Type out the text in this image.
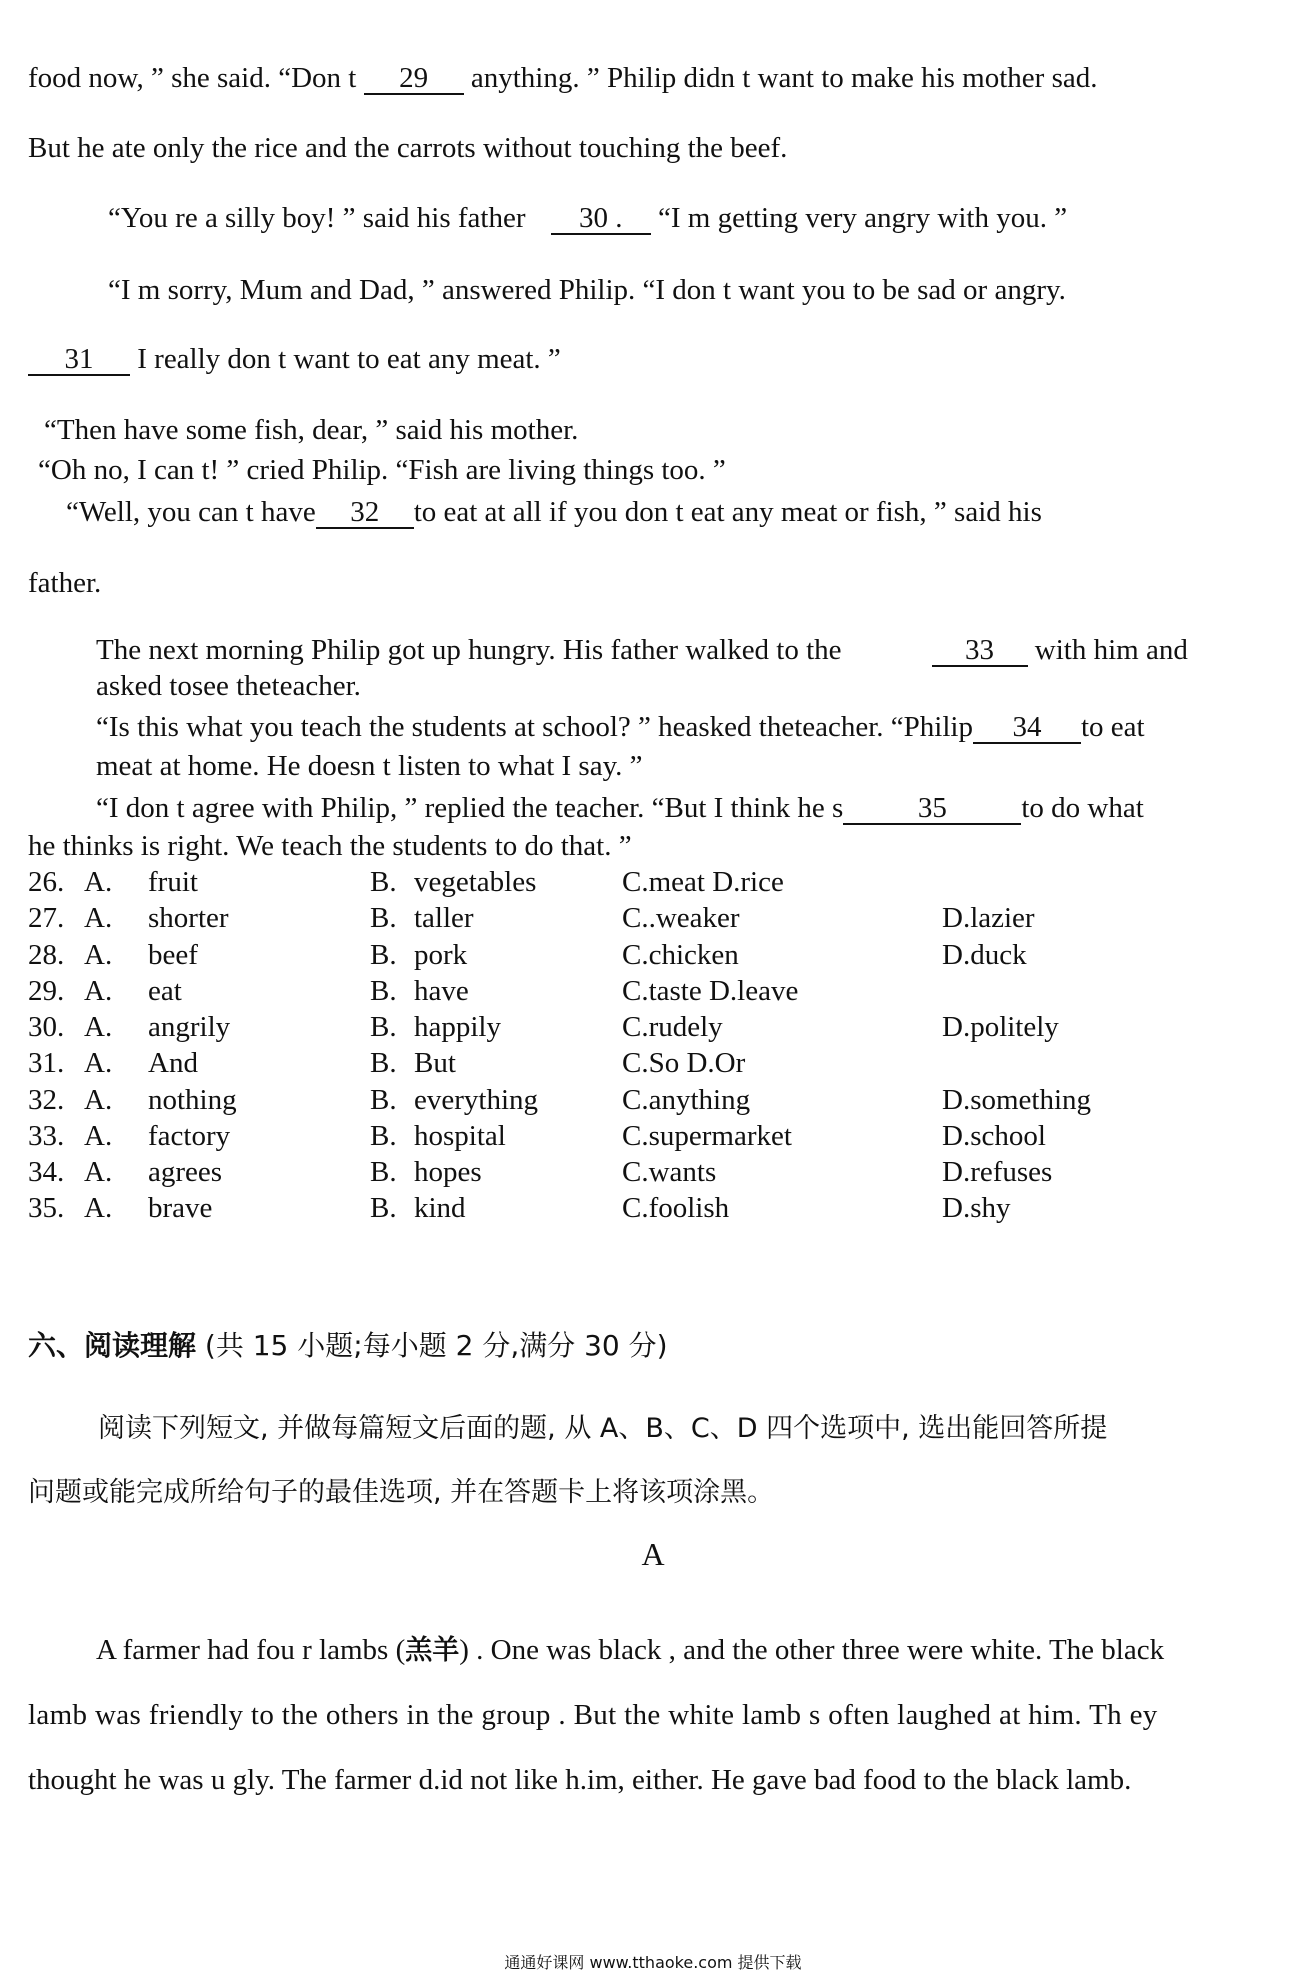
food now, ” she said. “Don t 29 anything. ” Philip didn t want to make his mother sad.
But he ate only the rice and the carrots without touching the beef.
“You re a silly boy! ” said his father 30 . “I m getting very angry with you. ”
“I m sorry, Mum and Dad, ” answered Philip. “I don t want you to be sad or angry.
31 I really don t want to eat any meat. ”
“Then have some fish, dear, ” said his mother.
“Oh no, I can t! ” cried Philip. “Fish are living things too. ”
“Well, you can t have 32 to eat at all if you don t eat any meat or fish, ” said his
father.
The next morning Philip got up hungry. His father walked to the	33 with him and
asked tosee theteacher.
“Is this what you teach the students at school? ” heasked theteacher. “Philip 34 to eat
meat at home. He doesn t listen to what I say. ”
“I don t agree with Philip, ” replied the teacher. “But I think he s	35	to do what
he thinks is right. We teach the students to do that. ”
26. A. fruit	B. vegetables	C.meat D.rice
27. A. shorter	B. taller	C..weaker	D.lazier
28. A. beef	B. pork	C.chicken	D.duck
29. A. eat	B. have	C.taste D.leave
30. A. angrily	B. happily	C.rudely	D.politely
31. A. And	B. But	C.So D.Or
32. A. nothing	B. everything	C.anything	D.something
33. A. factory	B. hospital	C.supermarket	D.school
34. A. agrees	B. hopes	C.wants	D.refuses
35. A. brave	B. kind	C.foolish	D.shy
六、阅读理解 (共 15 小题;每小题 2 分,满分 30 分)
阅读下列短文, 并做每篇短文后面的题, 从 A、B、C、D 四个选项中, 选出能回答所提
问题或能完成所给句子的最佳选项, 并在答题卡上将该项涂黑。
A
A farmer had fou r lambs (羔羊) . One was black , and the other three were white. The black
lamb was friendly to the others in the group . But the white lamb s often laughed at him. Th ey
thought he was u gly. The farmer d.id not like h.im, either. He gave bad food to the black lamb.
通通好课网 www.tthaoke.com 提供下载
